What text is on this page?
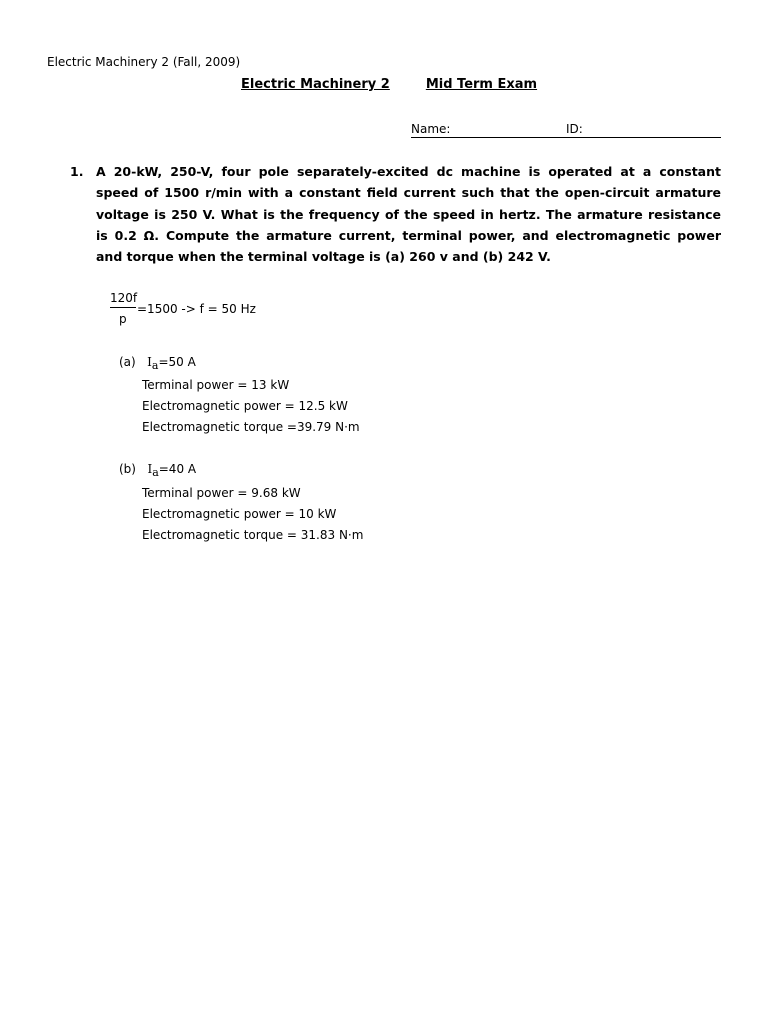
Electric Machinery 2 (Fall, 2009)
Electric Machinery 2	Mid Term Exam
Name:	ID:
1. A 20-kW, 250-V, four pole separately-excited dc machine is operated at a constant speed of 1500 r/min with a constant field current such that the open-circuit armature voltage is 250 V. What is the frequency of the speed in hertz. The armature resistance is 0.2 Ω. Compute the armature current, terminal power, and electromagnetic power and torque when the terminal voltage is (a) 260 v and (b) 242 V.
120f
p
=1500 -> f = 50 Hz
(a) $I_a=50$ A
Terminal power = 13 kW
Electromagnetic power = 12.5 kW
Electromagnetic torque =39.79 N·m
(b) $I_a=40$ A
Terminal power = 9.68 kW
Electromagnetic power = 10 kW
Electromagnetic torque = 31.83 N·m
